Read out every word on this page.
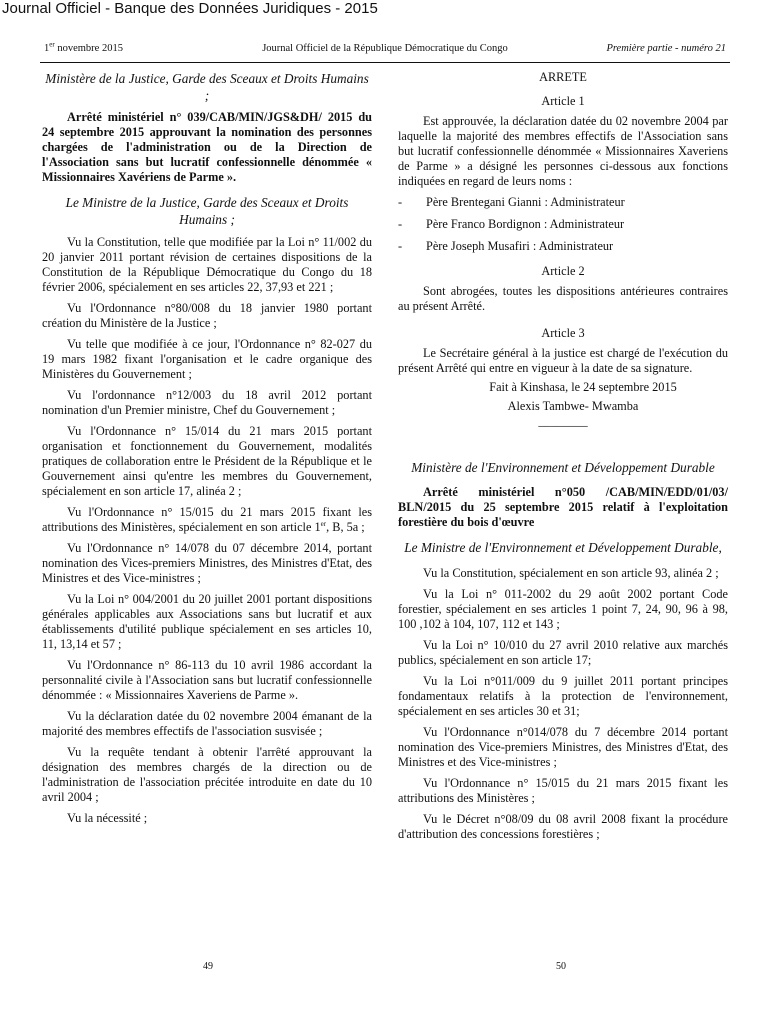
Journal Officiel - Banque des Données Juridiques - 2015
1er novembre 2015	Journal Officiel de la République Démocratique du Congo	Première partie - numéro 21

Ministère de la Justice, Garde des Sceaux et Droits Humains ;

Arrêté ministériel n° 039/CAB/MIN/JGS&DH/ 2015 du 24 septembre 2015 approuvant la nomination des personnes chargées de l'administration ou de la Direction de l'Association sans but lucratif confessionnelle dénommée « Missionnaires Xavériens de Parme ».

Le Ministre de la Justice, Garde des Sceaux et Droits Humains ;

Vu la Constitution, telle que modifiée par la Loi n° 11/002 du 20 janvier 2011 portant révision de certaines dispositions de la Constitution de la République Démocratique du Congo du 18 février 2006, spécialement en ses articles 22, 37,93 et 221 ;

Vu l'Ordonnance n°80/008 du 18 janvier 1980 portant création du Ministère de la Justice ;

Vu telle que modifiée à ce jour, l'Ordonnance n° 82-027 du 19 mars 1982 fixant l'organisation et le cadre organique des Ministères du Gouvernement ;

Vu l'ordonnance n°12/003 du 18 avril 2012 portant nomination d'un Premier ministre, Chef du Gouvernement ;

Vu l'Ordonnance n° 15/014 du 21 mars 2015 portant organisation et fonctionnement du Gouvernement, modalités pratiques de collaboration entre le Président de la République et le Gouvernement ainsi qu'entre les membres du Gouvernement, spécialement en son article 17, alinéa 2 ;

Vu l'Ordonnance n° 15/015 du 21 mars 2015 fixant les attributions des Ministères, spécialement en son article 1er, B, 5a ;

Vu l'Ordonnance n° 14/078 du 07 décembre 2014, portant nomination des Vices-premiers Ministres, des Ministres d'Etat, des Ministres et des Vice-ministres ;

Vu la Loi n° 004/2001 du 20 juillet 2001 portant dispositions générales applicables aux Associations sans but lucratif et aux établissements d'utilité publique spécialement en ses articles 10, 11, 13,14 et 57 ;

Vu l'Ordonnance n° 86-113 du 10 avril 1986 accordant la personnalité civile à l'Association sans but lucratif confessionnelle dénommée : « Missionnaires Xaveriens de Parme ».

Vu la déclaration datée du 02 novembre 2004 émanant de la majorité des membres effectifs de l'association susvisée ;

Vu la requête tendant à obtenir l'arrêté approuvant la désignation des membres chargés de la direction ou de l'administration de l'association précitée introduite en date du 10 avril 2004 ;

Vu la nécessité ;

ARRETE

Article 1

Est approuvée, la déclaration datée du 02 novembre 2004 par laquelle la majorité des membres effectifs de l'Association sans but lucratif confessionnelle dénommée « Missionnaires Xaveriens de Parme » a désigné les personnes ci-dessous aux fonctions indiquées en regard de leurs noms :

-	Père Brentegani Gianni : Administrateur
-	Père Franco Bordignon : Administrateur
-	Père Joseph Musafiri : Administrateur

Article 2

Sont abrogées, toutes les dispositions antérieures contraires au présent Arrêté.

Article 3

Le Secrétaire général à la justice est chargé de l'exécution du présent Arrêté qui entre en vigueur à la date de sa signature.

Fait à Kinshasa, le 24 septembre 2015

Alexis Tambwe- Mwamba

________

Ministère de l'Environnement et Développement Durable

Arrêté ministériel n°050 /CAB/MIN/EDD/01/03/ BLN/2015 du 25 septembre 2015 relatif à l'exploitation forestière du bois d'œuvre

Le Ministre de l'Environnement et Développement Durable,

Vu la Constitution, spécialement en son article 93, alinéa 2 ;

Vu la Loi n° 011-2002 du 29 août 2002 portant Code forestier, spécialement en ses articles 1 point 7, 24, 90, 96 à 98, 100 ,102 à 104, 107, 112 et 143 ;

Vu la Loi n° 10/010 du 27 avril 2010 relative aux marchés publics, spécialement en son article 17;

Vu la Loi n°011/009 du 9 juillet 2011 portant principes fondamentaux relatifs à la protection de l'environnement, spécialement en ses articles 30 et 31;

Vu l'Ordonnance n°014/078 du 7 décembre 2014 portant nomination des Vice-premiers Ministres, des Ministres d'Etat, des Ministres et des Vice-ministres ;

Vu l'Ordonnance n° 15/015 du 21 mars 2015 fixant les attributions des Ministères ;

Vu le Décret n°08/09 du 08 avril 2008 fixant la procédure d'attribution des concessions forestières ;

49	50
